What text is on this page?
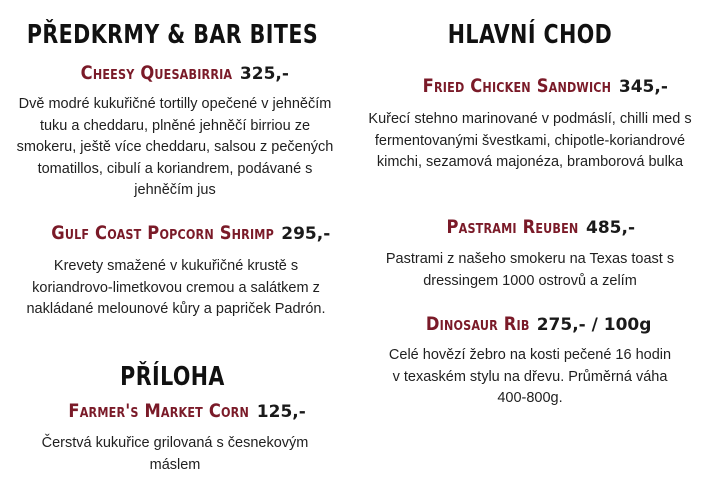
PŘEDKRMY & BAR BITES
Cheesy Quesabirria 325,-
Dvě modré kukuřičné tortilly opečené v jehněčím tuku a cheddaru, plněné jehněčí birriou ze smokeru, ještě více cheddaru, salsou z pečených tomatillos, cibulí a koriandrem, podávané s jehněčím jus
Gulf Coast Popcorn Shrimp 295,-
Krevety smažené v kukuřičné krustě s koriandrovo-limetkovou cremou a salátkem z nakládané melounové kůry a papriček Padrón.
PŘÍLOHA
Farmer's Market Corn 125,-
Čerstvá kukuřice grilovaná s česnekovým máslem
HLAVNÍ CHOD
Fried Chicken Sandwich 345,-
Kuřecí stehno marinované v podmáslí, chilli med s fermentovanými švestkami, chipotle-koriandrové kimchi, sezamová majonéza, bramborová bulka
Pastrami Reuben 485,-
Pastrami z našeho smokeru na Texas toast s dressingem 1000 ostrovů a zelím
Dinosaur Rib 275,- / 100g
Celé hovězí žebro na kosti pečené 16 hodin v texaském stylu na dřevu. Průměrná váha 400-800g.
